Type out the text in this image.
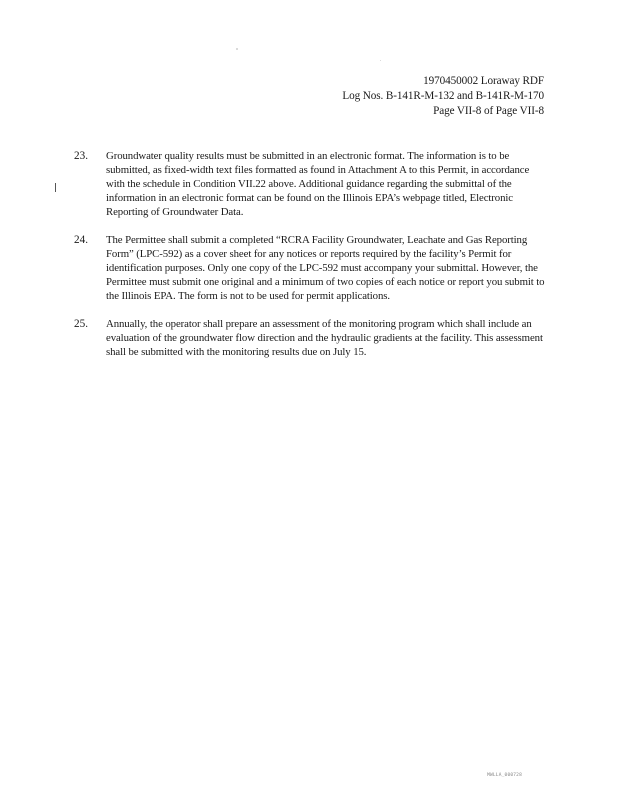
1970450002 Loraway RDF
Log Nos. B-141R-M-132 and B-141R-M-170
Page VII-8 of Page VII-8
23.	Groundwater quality results must be submitted in an electronic format. The information is to be submitted, as fixed-width text files formatted as found in Attachment A to this Permit, in accordance with the schedule in Condition VII.22 above. Additional guidance regarding the submittal of the information in an electronic format can be found on the Illinois EPA’s webpage titled, Electronic Reporting of Groundwater Data.
24.	The Permittee shall submit a completed “RCRA Facility Groundwater, Leachate and Gas Reporting Form” (LPC-592) as a cover sheet for any notices or reports required by the facility’s Permit for identification purposes. Only one copy of the LPC-592 must accompany your submittal. However, the Permittee must submit one original and a minimum of two copies of each notice or report you submit to the Illinois EPA. The form is not to be used for permit applications.
25.	Annually, the operator shall prepare an assessment of the monitoring program which shall include an evaluation of the groundwater flow direction and the hydraulic gradients at the facility. This assessment shall be submitted with the monitoring results due on July 15.
MWLLA_000728
